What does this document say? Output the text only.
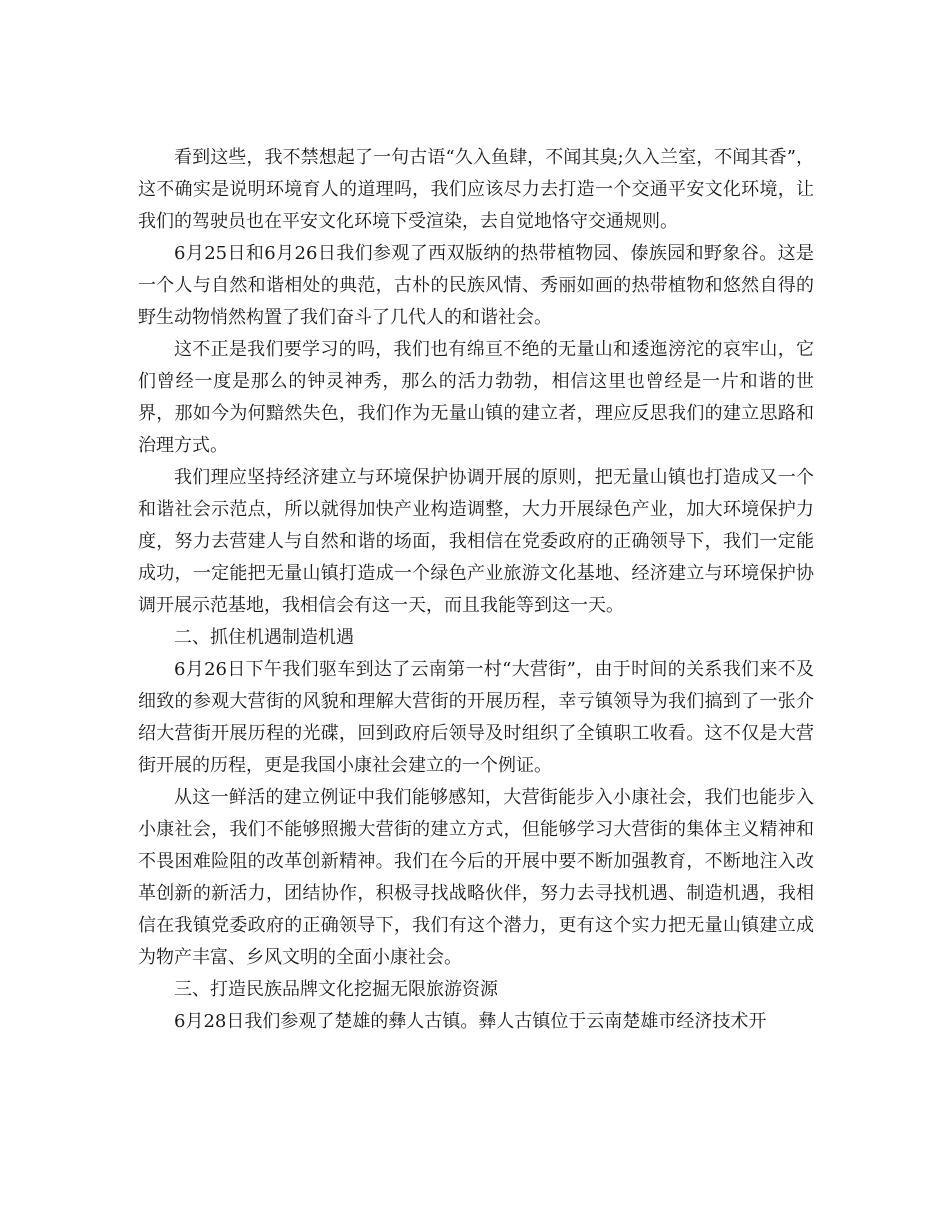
看到这些，我不禁想起了一句古语“久入鱼肆，不闻其臭;久入兰室，不闻其香”，这不确实是说明环境育人的道理吗，我们应该尽力去打造一个交通平安文化环境，让我们的驾驶员也在平安文化环境下受渲染，去自觉地恪守交通规则。

6月25日和6月26日我们参观了西双版纳的热带植物园、傣族园和野象谷。这是一个人与自然和谐相处的典范，古朴的民族风情、秀丽如画的热带植物和悠然自得的野生动物悄然构置了我们奋斗了几代人的和谐社会。

这不正是我们要学习的吗，我们也有绵亘不绝的无量山和逶迤滂沱的哀牢山，它们曾经一度是那么的钟灵神秀，那么的活力勃勃，相信这里也曾经是一片和谐的世界，那如今为何黯然失色，我们作为无量山镇的建立者，理应反思我们的建立思路和治理方式。

我们理应坚持经济建立与环境保护协调开展的原则，把无量山镇也打造成又一个和谐社会示范点，所以就得加快产业构造调整，大力开展绿色产业，加大环境保护力度，努力去营建人与自然和谐的场面，我相信在党委政府的正确领导下，我们一定能成功，一定能把无量山镇打造成一个绿色产业旅游文化基地、经济建立与环境保护协调开展示范基地，我相信会有这一天，而且我能等到这一天。

二、抓住机遇制造机遇

6月26日下午我们驱车到达了云南第一村“大营街”，由于时间的关系我们来不及细致的参观大营街的风貌和理解大营街的开展历程，幸亏镇领导为我们搞到了一张介绍大营街开展历程的光碟，回到政府后领导及时组织了全镇职工收看。这不仅是大营街开展的历程，更是我国小康社会建立的一个例证。

从这一鲜活的建立例证中我们能够感知，大营街能步入小康社会，我们也能步入小康社会，我们不能够照搬大营街的建立方式，但能够学习大营街的集体主义精神和不畏困难险阻的改革创新精神。我们在今后的开展中要不断加强教育，不断地注入改革创新的新活力，团结协作，积极寻找战略伙伴，努力去寻找机遇、制造机遇，我相信在我镇党委政府的正确领导下，我们有这个潜力，更有这个实力把无量山镇建立成为物产丰富、乡风文明的全面小康社会。

三、打造民族品牌文化挖掘无限旅游资源

6月28日我们参观了楚雄的彝人古镇。彝人古镇位于云南楚雄市经济技术开
